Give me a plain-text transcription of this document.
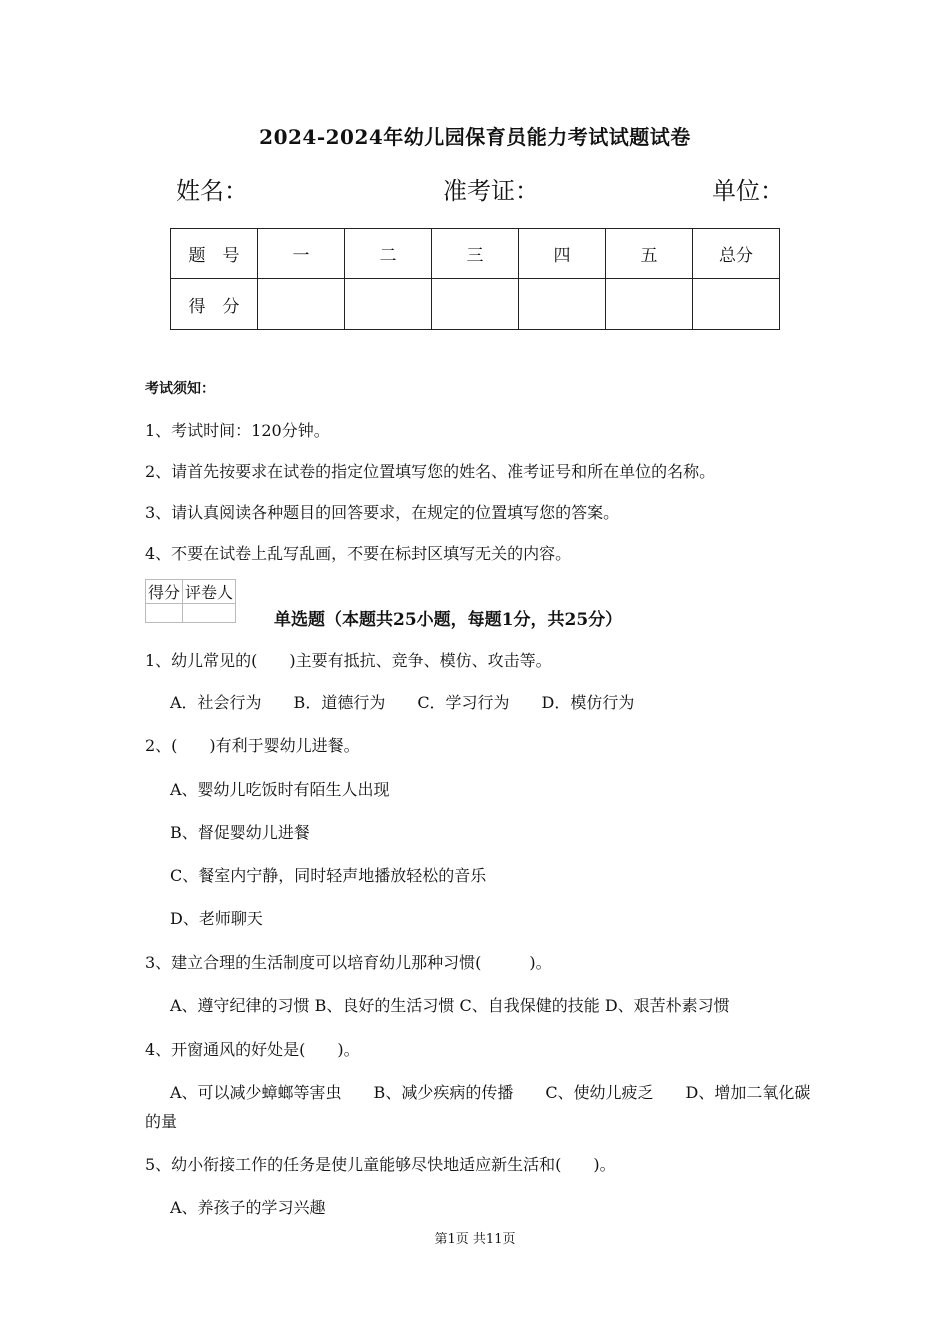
2024-2024年幼儿园保育员能力考试试题试卷
姓名：	准考证：	单位：
题　号	一	二	三	四	五	总分
得　分						
考试须知：
1、考试时间：120分钟。
2、请首先按要求在试卷的指定位置填写您的姓名、准考证号和所在单位的名称。
3、请认真阅读各种题目的回答要求，在规定的位置填写您的答案。
4、不要在试卷上乱写乱画，不要在标封区填写无关的内容。
得分	评卷人

单选题（本题共25小题，每题1分，共25分）
1、幼儿常见的(　　)主要有抵抗、竞争、模仿、攻击等。
A．社会行为　　B．道德行为　　C．学习行为　　D．模仿行为
2、(　　)有利于婴幼儿进餐。
A、婴幼儿吃饭时有陌生人出现
B、督促婴幼儿进餐
C、餐室内宁静，同时轻声地播放轻松的音乐
D、老师聊天
3、建立合理的生活制度可以培育幼儿那种习惯(　　　)。
A、遵守纪律的习惯 B、良好的生活习惯 C、自我保健的技能 D、艰苦朴素习惯
4、开窗通风的好处是(　　)。
A、可以减少蟑螂等害虫　　B、减少疾病的传播　　C、使幼儿疲乏　　D、增加二氧化碳
的量
5、幼小衔接工作的任务是使儿童能够尽快地适应新生活和(　　)。
A、养孩子的学习兴趣
第1页 共11页
